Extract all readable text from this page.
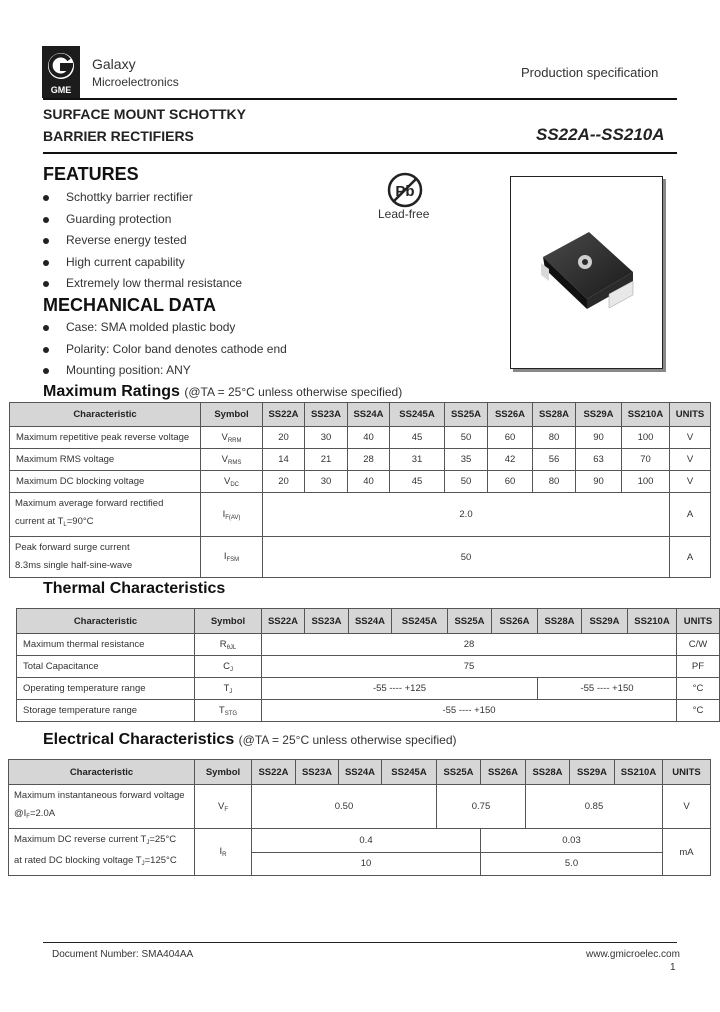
GME
Galaxy
Microelectronics
Production specification
SURFACE MOUNT SCHOTTKY
BARRIER RECTIFIERS	SS22A--SS210A
FEATURES
Schottky barrier rectifier
Guarding protection
Reverse energy tested
High current capability
Extremely low thermal resistance
Pb
Lead-free
MECHANICAL DATA
Case: SMA molded plastic body
Polarity: Color band denotes cathode end
Mounting position: ANY
Maximum Ratings (@TA = 25°C unless otherwise specified)
Characteristic	Symbol	SS22A	SS23A	SS24A	SS245A	SS25A	SS26A	SS28A	SS29A	SS210A	UNITS
Maximum repetitive peak reverse voltage	$V_{RRM}$	20	30	40	45	50	60	80	90	100	V
Maximum RMS voltage	$V_{RMS}$	14	21	28	31	35	42	56	63	70	V
Maximum DC blocking voltage	$V_{DC}$	20	30	40	45	50	60	80	90	100	V
Maximum average forward rectified
current at $T_L=90^\circ C$	$I_{F(AV)}$	2.0									A
Peak forward surge current
8.3ms single half-sine-wave	$I_{FSM}$	50									A
Thermal Characteristics
Characteristic	Symbol	SS22A	SS23A	SS24A	SS245A	SS25A	SS26A	SS28A	SS29A	SS210A	UNITS
Maximum thermal resistance	$R_{\theta JL}$	28									C/W
Total Capacitance	$C_J$	75									PF
Operating temperature range	$T_J$	-55 ---- +125						-55 ---- +150			°C
Storage temperature range	$T_{STG}$	-55 ---- +150									°C
Electrical Characteristics (@TA = 25°C unless otherwise specified)
Characteristic	Symbol	SS22A	SS23A	SS24A	SS245A	SS25A	SS26A	SS28A	SS29A	SS210A	UNITS
Maximum instantaneous forward voltage
$@I_F=2.0A$	$V_F$	0.50				0.75		0.85			V
Maximum DC reverse current $T_J=25^\circ C$
at rated DC blocking voltage $T_J=125^\circ C$	$I_R$	0.4					0.03				mA
		10					5.0				
Document Number: SMA404AA	www.gmicroelec.com
1
